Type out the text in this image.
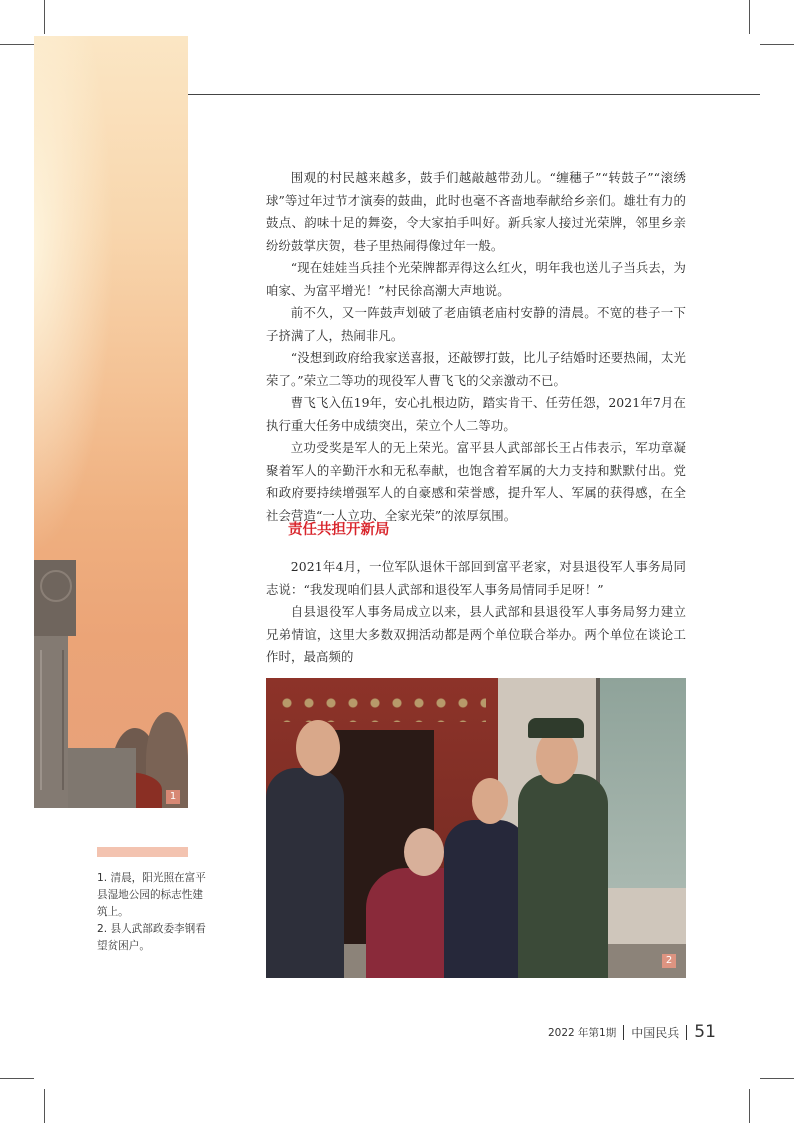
1

围观的村民越来越多，鼓手们越敲越带劲儿。“缠穗子”“转鼓子”“滚绣球”等过年过节才演奏的鼓曲，此时也毫不吝啬地奉献给乡亲们。雄壮有力的鼓点、韵味十足的舞姿，令大家拍手叫好。新兵家人接过光荣牌，邻里乡亲纷纷鼓掌庆贺，巷子里热闹得像过年一般。

“现在娃娃当兵挂个光荣牌都弄得这么红火，明年我也送儿子当兵去，为咱家、为富平增光！”村民徐高潮大声地说。

前不久，又一阵鼓声划破了老庙镇老庙村安静的清晨。不宽的巷子一下子挤满了人，热闹非凡。

“没想到政府给我家送喜报，还敲锣打鼓，比儿子结婚时还要热闹，太光荣了。”荣立二等功的现役军人曹飞飞的父亲激动不已。

曹飞飞入伍19年，安心扎根边防，踏实肯干、任劳任怨，2021年7月在执行重大任务中成绩突出，荣立个人二等功。

立功受奖是军人的无上荣光。富平县人武部部长王占伟表示，军功章凝聚着军人的辛勤汗水和无私奉献，也饱含着军属的大力支持和默默付出。党和政府要持续增强军人的自豪感和荣誉感，提升军人、军属的获得感，在全社会营造“一人立功、全家光荣”的浓厚氛围。

责任共担开新局

2021年4月，一位军队退休干部回到富平老家，对县退役军人事务局同志说：“我发现咱们县人武部和退役军人事务局情同手足呀！”

自县退役军人事务局成立以来，县人武部和县退役军人事务局努力建立兄弟情谊，这里大多数双拥活动都是两个单位联合举办。两个单位在谈论工作时，最高频的

2
1. 清晨，阳光照在富平县湿地公园的标志性建筑上。
2. 县人武部政委李钢看望贫困户。
2022 年第1期 中国民兵 51
